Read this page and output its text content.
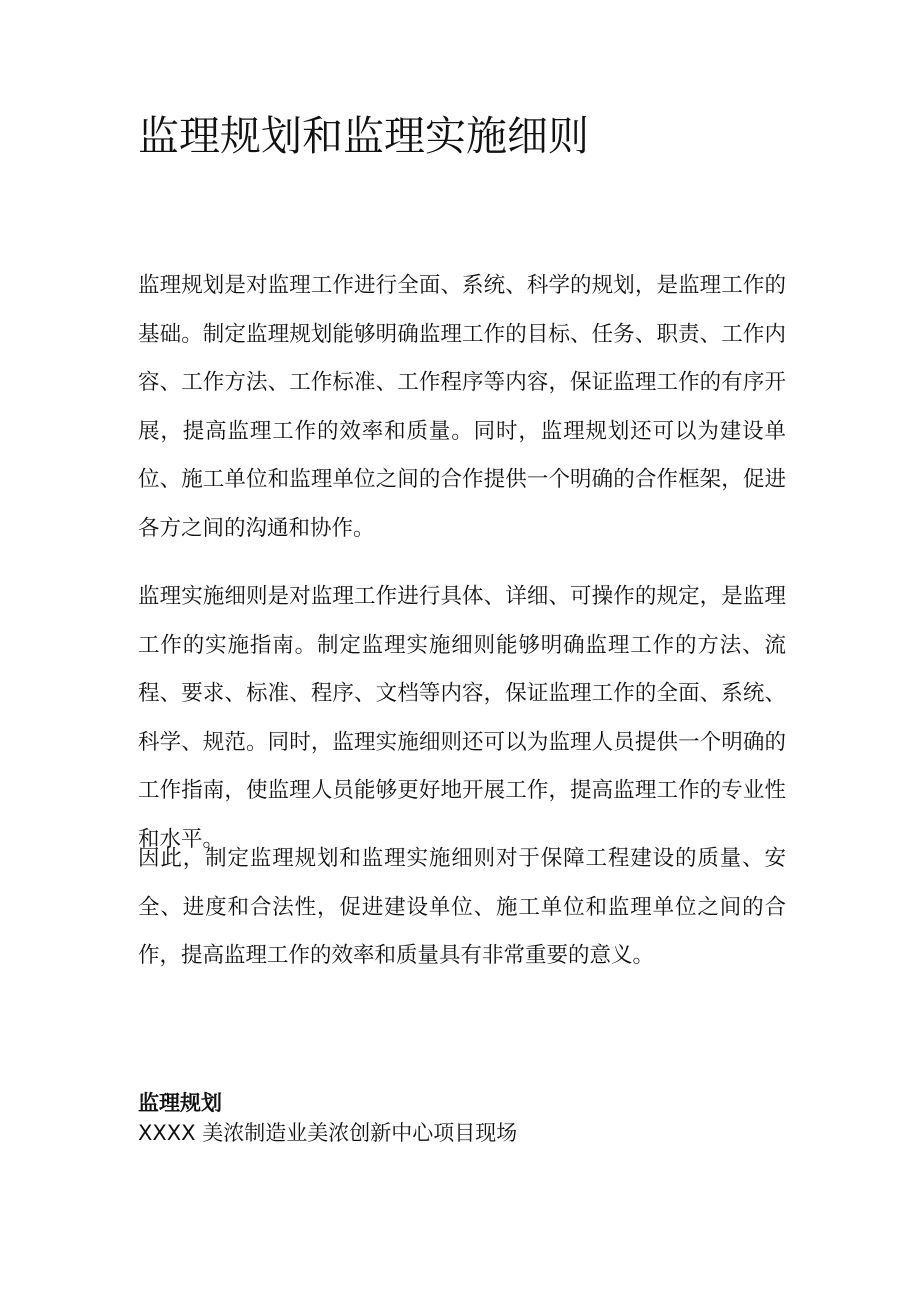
监理规划和监理实施细则

监理规划是对监理工作进行全面、系统、科学的规划，是监理工作的基础。制定监理规划能够明确监理工作的目标、任务、职责、工作内容、工作方法、工作标准、工作程序等内容，保证监理工作的有序开展，提高监理工作的效率和质量。同时，监理规划还可以为建设单位、施工单位和监理单位之间的合作提供一个明确的合作框架，促进各方之间的沟通和协作。

监理实施细则是对监理工作进行具体、详细、可操作的规定，是监理工作的实施指南。制定监理实施细则能够明确监理工作的方法、流程、要求、标准、程序、文档等内容，保证监理工作的全面、系统、科学、规范。同时，监理实施细则还可以为监理人员提供一个明确的工作指南，使监理人员能够更好地开展工作，提高监理工作的专业性和水平。

因此，制定监理规划和监理实施细则对于保障工程建设的质量、安全、进度和合法性，促进建设单位、施工单位和监理单位之间的合作，提高监理工作的效率和质量具有非常重要的意义。

监理规划

XXXX 美浓制造业美浓创新中心项目现场
